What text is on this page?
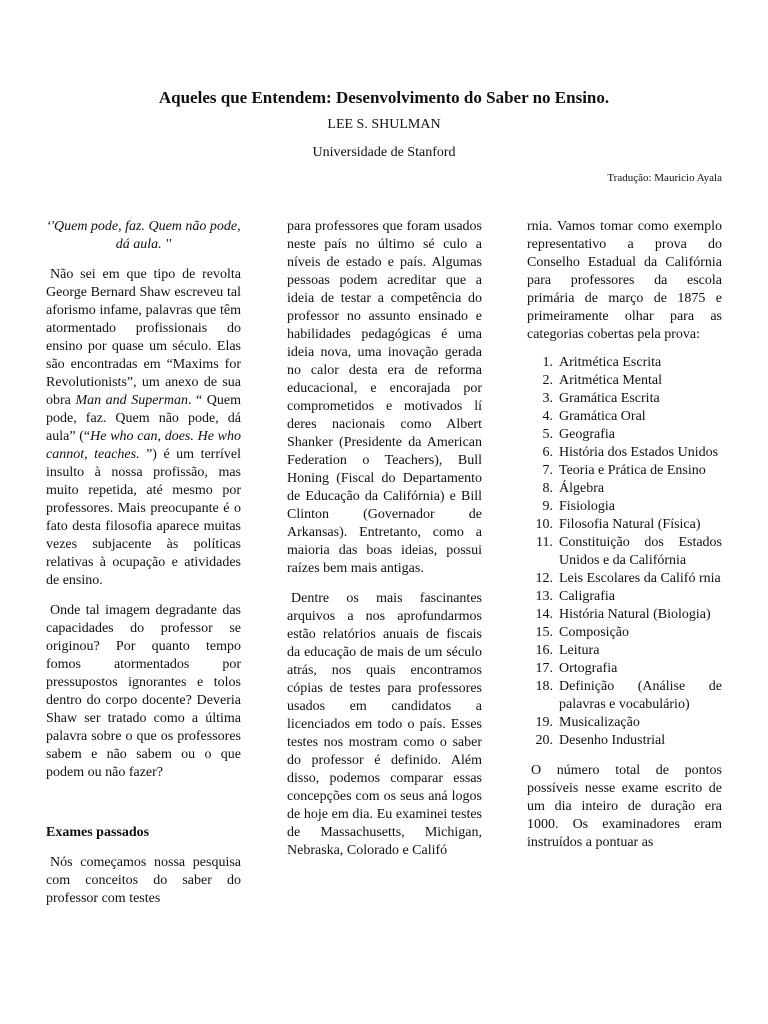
Aqueles que Entendem: Desenvolvimento do Saber no Ensino.
LEE S. SHULMAN
Universidade de Stanford
Tradução: Mauricio Ayala

‘'Quem pode, faz. Quem não pode, dá aula. ''

Não sei em que tipo de revolta George Bernard Shaw escreveu tal aforismo infame, palavras que têm atormentado profissionais do ensino por quase um século. Elas são encontradas em “Maxims for Revolutionists”, um anexo de sua obra Man and Superman. “ Quem pode, faz. Quem não pode, dá aula” (“He who can, does. He who cannot, teaches. ”) é um terrível insulto à nossa profissão, mas muito repetida, até mesmo por professores. Mais preocupante é o fato desta filosofia aparece muitas vezes subjacente às políticas relativas à ocupação e atividades de ensino.

Onde tal imagem degradante das capacidades do professor se originou? Por quanto tempo fomos atormentados por pressupostos ignorantes e tolos dentro do corpo docente? Deveria Shaw ser tratado como a última palavra sobre o que os professores sabem e não sabem ou o que podem ou não fazer?

Exames passados

Nós começamos nossa pesquisa com conceitos do saber do professor com testes

para professores que foram usados neste país no último sé culo a níveis de estado e país. Algumas pessoas podem acreditar que a ideia de testar a competência do professor no assunto ensinado e habilidades pedagógicas é uma ideia nova, uma inovação gerada no calor desta era de reforma educacional, e encorajada por comprometidos e motivados lí deres nacionais como Albert Shanker (Presidente da American Federation o Teachers), Bull Honing (Fiscal do Departamento de Educação da Califórnia) e Bill Clinton (Governador de Arkansas). Entretanto, como a maioria das boas ideias, possui raízes bem mais antigas.

Dentre os mais fascinantes arquivos a nos aprofundarmos estão relatórios anuais de fiscais da educação de mais de um século atrás, nos quais encontramos cópias de testes para professores usados em candidatos a licenciados em todo o país. Esses testes nos mostram como o saber do professor é definido. Além disso, podemos comparar essas concepções com os seus aná logos de hoje em dia. Eu examinei testes de Massachusetts, Michigan, Nebraska, Colorado e Califó

rnia. Vamos tomar como exemplo representativo a prova do Conselho Estadual da Califórnia para professores da escola primária de março de 1875 e primeiramente olhar para as categorias cobertas pela prova:

1. Aritmética Escrita
2. Aritmética Mental
3. Gramática Escrita
4. Gramática Oral
5. Geografia
6. História dos Estados Unidos
7. Teoria e Prática de Ensino
8. Álgebra
9. Fisiologia
10. Filosofia Natural (Física)
11. Constituição dos Estados Unidos e da Califórnia
12. Leis Escolares da Califó rnia
13. Caligrafia
14. História Natural (Biologia)
15. Composição
16. Leitura
17. Ortografia
18. Definição (Análise de palavras e vocabulário)
19. Musicalização
20. Desenho Industrial

O número total de pontos possíveis nesse exame escrito de um dia inteiro de duração era 1000. Os examinadores eram instruídos a pontuar as
